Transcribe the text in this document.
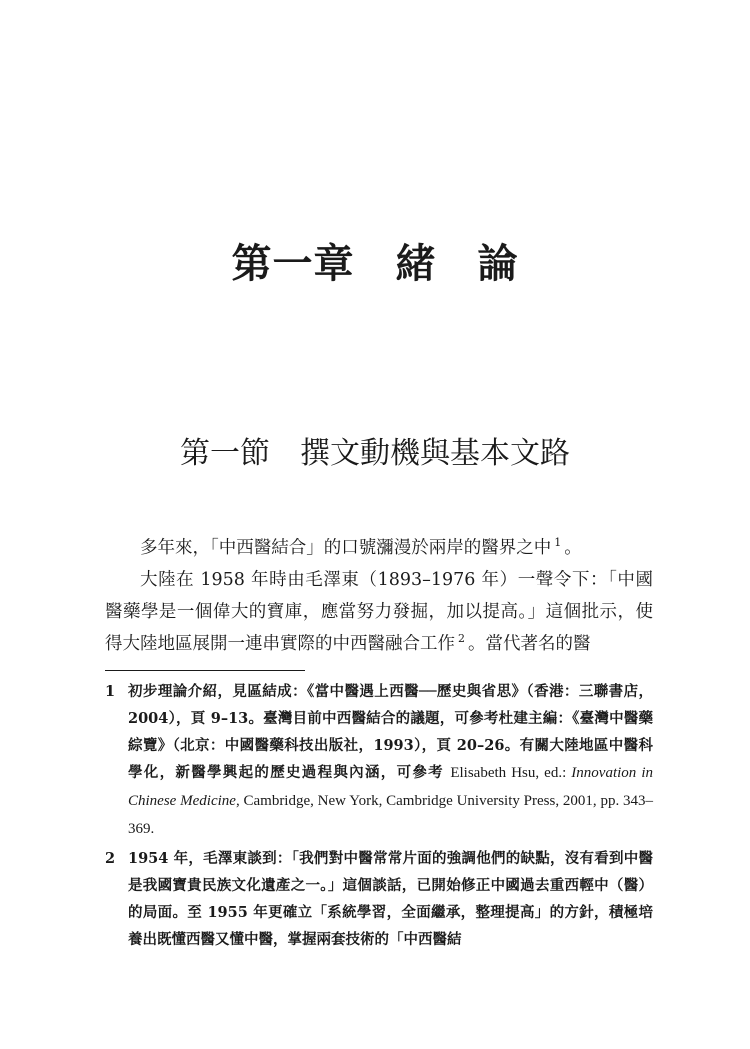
第一章　緒　論
第一節　撰文動機與基本文路

多年來，「中西醫結合」的口號瀰漫於兩岸的醫界之中 $^1$ 。

大陸在 1958 年時由毛澤東（1893–1976 年）一聲令下：「中國醫藥學是一個偉大的寶庫，應當努力發掘，加以提高。」這個批示，使得大陸地區展開一連串實際的中西醫融合工作 $^2$ 。當代著名的醫

1 初步理論介紹，見區結成：《當中醫遇上西醫──歷史與省思》（香港：三聯書店，2004），頁 9–13。臺灣目前中西醫結合的議題，可參考杜建主編：《臺灣中醫藥綜覽》（北京：中國醫藥科技出版社，1993），頁 20–26。有關大陸地區中醫科學化，新醫學興起的歷史過程與內涵，可參考 Elisabeth Hsu, ed.: Innovation in Chinese Medicine, Cambridge, New York, Cambridge University Press, 2001, pp. 343–369.
2 1954 年，毛澤東談到：「我們對中醫常常片面的強調他們的缺點，沒有看到中醫是我國寶貴民族文化遺產之一。」這個談話，已開始修正中國過去重西輕中（醫）的局面。至 1955 年更確立「系統學習，全面繼承，整理提高」的方針，積極培養出既懂西醫又懂中醫，掌握兩套技術的「中西醫結
